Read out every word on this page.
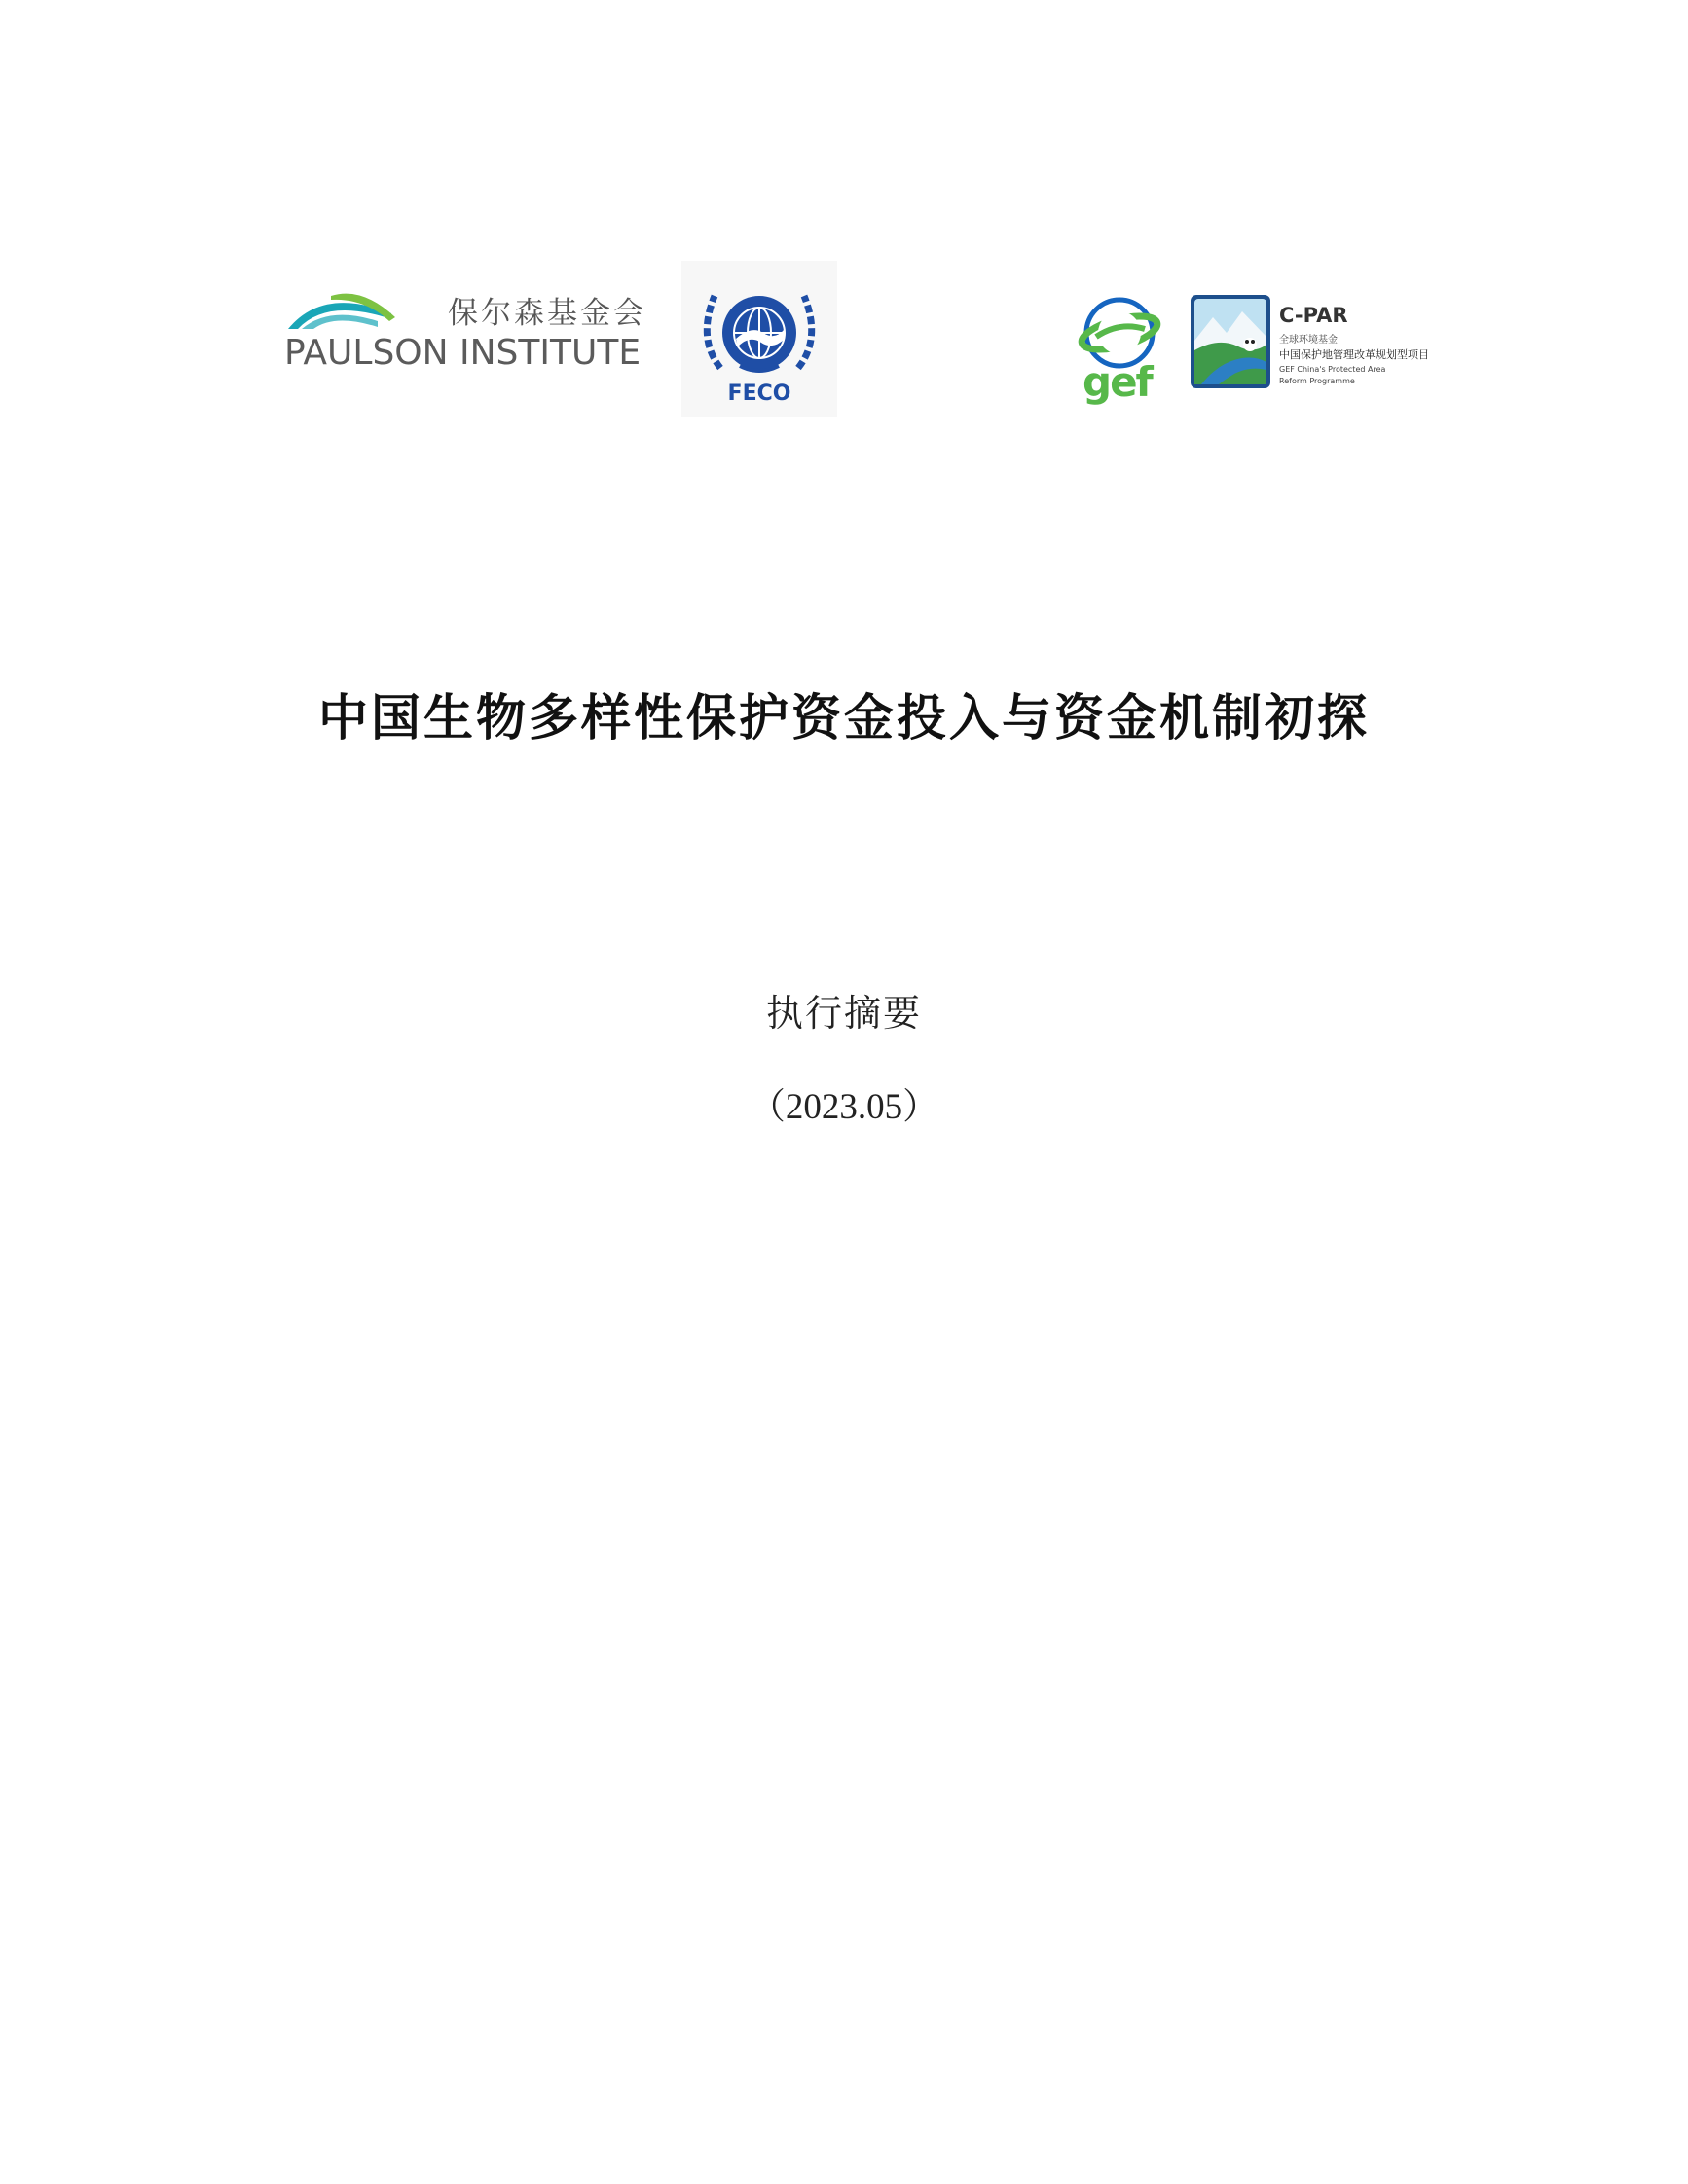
保尔森基金会
PAULSON INSTITUTE
FECO	gef
C-PAR
全球环境基金
中国保护地管理改革规划型项目
GEF China's Protected Area
Reform Programme
中国生物多样性保护资金投入与资金机制初探
执行摘要
（2023.05）
